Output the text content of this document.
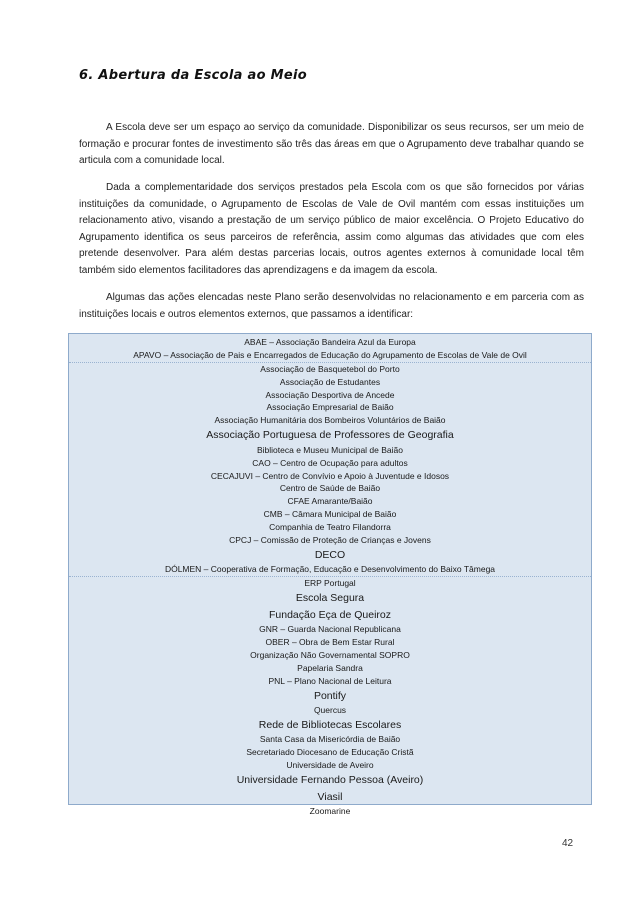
6. Abertura da Escola ao Meio

A Escola deve ser um espaço ao serviço da comunidade. Disponibilizar os seus recursos, ser um meio de formação e procurar fontes de investimento são três das áreas em que o Agrupamento deve trabalhar quando se articula com a comunidade local.

Dada a complementaridade dos serviços prestados pela Escola com os que são fornecidos por várias instituições da comunidade, o Agrupamento de Escolas de Vale de Ovil mantém com essas instituições um relacionamento ativo, visando a prestação de um serviço público de maior excelência. O Projeto Educativo do Agrupamento identifica os seus parceiros de referência, assim como algumas das atividades que com eles pretende desenvolver. Para além destas parcerias locais, outros agentes externos à comunidade local têm também sido elementos facilitadores das aprendizagens e da imagem da escola.

Algumas das ações elencadas neste Plano serão desenvolvidas no relacionamento e em parceria com as instituições locais e outros elementos externos, que passamos a identificar:

ABAE – Associação Bandeira Azul da Europa
APAVO – Associação de Pais e Encarregados de Educação do Agrupamento de Escolas de Vale de Ovil
Associação de Basquetebol do Porto
Associação de Estudantes
Associação Desportiva de Ancede
Associação Empresarial de Baião
Associação Humanitária dos Bombeiros Voluntários de Baião
Associação Portuguesa de Professores de Geografia
Biblioteca e Museu Municipal de Baião
CAO – Centro de Ocupação para adultos
CECAJUVI – Centro de Convívio e Apoio à Juventude e Idosos
Centro de Saúde de Baião
CFAE Amarante/Baião
CMB – Câmara Municipal de Baião
Companhia de Teatro Filandorra
CPCJ – Comissão de Proteção de Crianças e Jovens
DECO
DÓLMEN – Cooperativa de Formação, Educação e Desenvolvimento do Baixo Tâmega
ERP Portugal
Escola Segura
Fundação Eça de Queiroz
GNR – Guarda Nacional Republicana
OBER – Obra de Bem Estar Rural
Organização Não Governamental SOPRO
Papelaria Sandra
PNL – Plano Nacional de Leitura
Pontify
Quercus
Rede de Bibliotecas Escolares
Santa Casa da Misericórdia de Baião
Secretariado Diocesano de Educação Cristã
Universidade de Aveiro
Universidade Fernando Pessoa (Aveiro)
Viasil
Zoomarine
42
